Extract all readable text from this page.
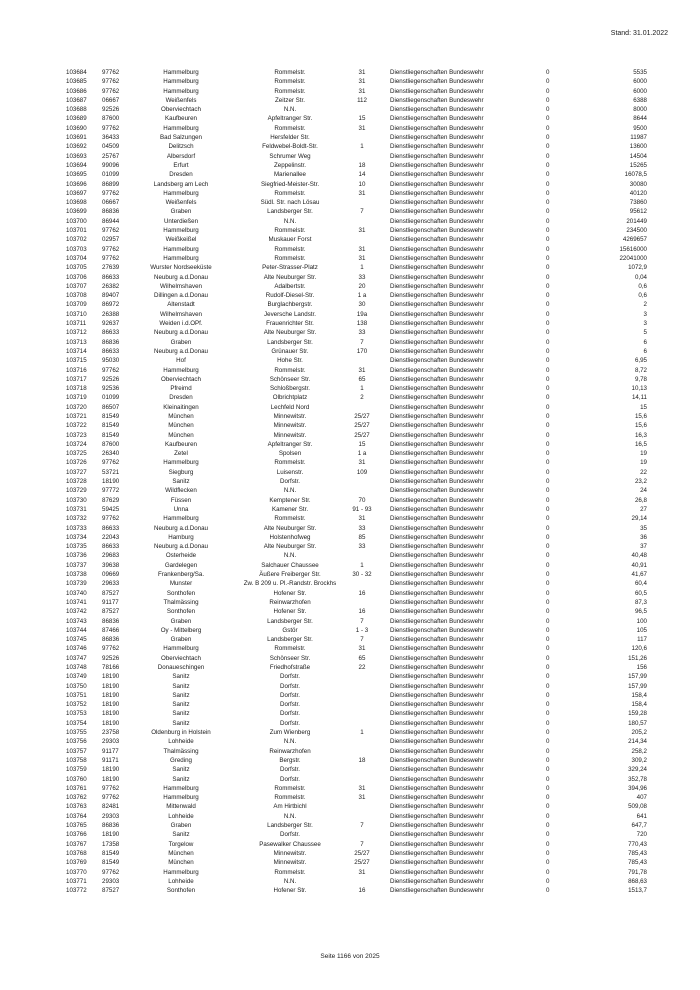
Stand: 31.01.2022
103684 97762	Hammelburg	Rommelstr.	31	Dienstliegenschaften Bundeswehr	0	5535
103685 97762	Hammelburg	Rommelstr.	31	Dienstliegenschaften Bundeswehr	0	6000
103686 97762	Hammelburg	Rommelstr.	31	Dienstliegenschaften Bundeswehr	0	6000
103687 06667	Weißenfels	Zeitzer Str.	112	Dienstliegenschaften Bundeswehr	0	6388
103688 92526	Oberviechtach	N.N.	Dienstliegenschaften Bundeswehr	0	8000
103689 87600	Kaufbeuren	Apfeltranger Str.	15	Dienstliegenschaften Bundeswehr	0	8644
103690 97762	Hammelburg	Rommelstr.	31	Dienstliegenschaften Bundeswehr	0	9500
103691 36433	Bad Salzungen	Hersfelder Str.	Dienstliegenschaften Bundeswehr	0	11987
103692 04509	Delitzsch	Feldwebel-Boldt-Str.	1	Dienstliegenschaften Bundeswehr	0	13600
103693 25767	Albersdorf	Schrumer Weg	Dienstliegenschaften Bundeswehr	0	14504
103694 99096	Erfurt	Zeppelinstr.	18	Dienstliegenschaften Bundeswehr	0	15265
103695 01099	Dresden	Marienallee	14	Dienstliegenschaften Bundeswehr	0	16078,5
103696 86899	Landsberg am Lech	Siegfried-Meister-Str.	10	Dienstliegenschaften Bundeswehr	0	30080
103697 97762	Hammelburg	Rommelstr.	31	Dienstliegenschaften Bundeswehr	0	40120
103698 06667	Weißenfels	Südl. Str. nach Lösau	Dienstliegenschaften Bundeswehr	0	73860
103699 86836	Graben	Landsberger Str.	7	Dienstliegenschaften Bundeswehr	0	95612
103700 86944	Unterdießen	N.N.	Dienstliegenschaften Bundeswehr	0	201449
103701 97762	Hammelburg	Rommelstr.	31	Dienstliegenschaften Bundeswehr	0	234500
103702 02957	Weißkeißel	Muskauer Forst	Dienstliegenschaften Bundeswehr	0	4269657
103703 97762	Hammelburg	Rommelstr.	31	Dienstliegenschaften Bundeswehr	0	15616000
103704 97762	Hammelburg	Rommelstr.	31	Dienstliegenschaften Bundeswehr	0	22041000
103705 27639	Wurster Nordseeküste	Peter-Strasser-Platz	1	Dienstliegenschaften Bundeswehr	0	1072,9
103706 86633	Neuburg a.d.Donau	Alte Neuburger Str.	33	Dienstliegenschaften Bundeswehr	0	0,04
103707 26382	Wilhelmshaven	Adalbertstr.	20	Dienstliegenschaften Bundeswehr	0	0,6
103708 89407	Dillingen a.d.Donau	Rudolf-Diesel-Str.	1 a	Dienstliegenschaften Bundeswehr	0	0,6
103709 86972	Altenstadt	Burglachbergstr.	30	Dienstliegenschaften Bundeswehr	0	2
103710 26388	Wilhelmshaven	Jeversche Landstr.	19a	Dienstliegenschaften Bundeswehr	0	3
103711	92637	Weiden i.d.OPf.	Frauenrichter Str.	138	Dienstliegenschaften Bundeswehr	0	3
103712 86633	Neuburg a.d.Donau	Alte Neuburger Str.	33	Dienstliegenschaften Bundeswehr	0	5
103713 86836	Graben	Landsberger Str.	7	Dienstliegenschaften Bundeswehr	0	6
103714 86633	Neuburg a.d.Donau	Grünauer Str.	170	Dienstliegenschaften Bundeswehr	0	6
103715 95030	Hof	Hohe Str.	Dienstliegenschaften Bundeswehr	0	6,95
103716 97762	Hammelburg	Rommelstr.	31	Dienstliegenschaften Bundeswehr	0	8,72
103717 92526	Oberviechtach	Schönseer Str.	65	Dienstliegenschaften Bundeswehr	0	9,78
103718 92536	Pfreimd	Schloßbergstr.	1	Dienstliegenschaften Bundeswehr	0	10,13
103719 01099	Dresden	Olbrichtplatz	2	Dienstliegenschaften Bundeswehr	0	14,11
103720 86507	Kleinaitingen	Lechfeld Nord	Dienstliegenschaften Bundeswehr	0	15
103721 81549	München	Minnewitstr.	25/27	Dienstliegenschaften Bundeswehr	0	15,6
103722 81549	München	Minnewitstr.	25/27	Dienstliegenschaften Bundeswehr	0	15,6
103723 81549	München	Minnewitstr.	25/27	Dienstliegenschaften Bundeswehr	0	16,3
103724 87600	Kaufbeuren	Apfeltranger Str.	15	Dienstliegenschaften Bundeswehr	0	16,5
103725 26340	Zetel	Spolsen	1 a	Dienstliegenschaften Bundeswehr	0	19
103726 97762	Hammelburg	Rommelstr.	31	Dienstliegenschaften Bundeswehr	0	19
103727 53721	Siegburg	Luisenstr.	109	Dienstliegenschaften Bundeswehr	0	22
103728 18190	Sanitz	Dorfstr.	Dienstliegenschaften Bundeswehr	0	23,2
103729 97772	Wildflecken	N.N.	Dienstliegenschaften Bundeswehr	0	24
103730 87629	Füssen	Kemptener Str.	70	Dienstliegenschaften Bundeswehr	0	26,8
103731 59425	Unna	Kamener Str.	91 - 93	Dienstliegenschaften Bundeswehr	0	27
103732 97762	Hammelburg	Rommelstr.	31	Dienstliegenschaften Bundeswehr	0	29,14
103733 86633	Neuburg a.d.Donau	Alte Neuburger Str.	33	Dienstliegenschaften Bundeswehr	0	35
103734 22043	Hamburg	Holstenhofweg	85	Dienstliegenschaften Bundeswehr	0	36
103735 86633	Neuburg a.d.Donau	Alte Neuburger Str.	33	Dienstliegenschaften Bundeswehr	0	37
103736 29683	Osterheide	N.N.	Dienstliegenschaften Bundeswehr	0	40,48
103737 39638	Gardelegen	Salchauer Chaussee	1	Dienstliegenschaften Bundeswehr	0	40,91
103738 09669	Frankenberg/Sa.	Äußere Freiberger Str.	30 - 32	Dienstliegenschaften Bundeswehr	0	41,67
103739 29633	Munster	Zw. B 209 u. Pl.-Randstr. Brockhs	Dienstliegenschaften Bundeswehr	0	60,4
103740 87527	Sonthofen	Hofener Str.	16	Dienstliegenschaften Bundeswehr	0	60,5
103741 91177	Thalmässing	Reinwarzhofen	Dienstliegenschaften Bundeswehr	0	87,3
103742 87527	Sonthofen	Hofener Str.	16	Dienstliegenschaften Bundeswehr	0	96,5
103743 86836	Graben	Landsberger Str.	7	Dienstliegenschaften Bundeswehr	0	100
103744 87466	Oy - Mittelberg	Gstör	1 - 3	Dienstliegenschaften Bundeswehr	0	105
103745 86836	Graben	Landsberger Str.	7	Dienstliegenschaften Bundeswehr	0	117
103746 97762	Hammelburg	Rommelstr.	31	Dienstliegenschaften Bundeswehr	0	120,6
103747 92526	Oberviechtach	Schönseer Str.	65	Dienstliegenschaften Bundeswehr	0	151,26
103748 78166	Donaueschingen	Friedhofstraße	22	Dienstliegenschaften Bundeswehr	0	156
103749 18190	Sanitz	Dorfstr.	Dienstliegenschaften Bundeswehr	0	157,99
103750 18190	Sanitz	Dorfstr.	Dienstliegenschaften Bundeswehr	0	157,99
103751 18190	Sanitz	Dorfstr.	Dienstliegenschaften Bundeswehr	0	158,4
103752 18190	Sanitz	Dorfstr.	Dienstliegenschaften Bundeswehr	0	158,4
103753 18190	Sanitz	Dorfstr.	Dienstliegenschaften Bundeswehr	0	159,28
103754 18190	Sanitz	Dorfstr.	Dienstliegenschaften Bundeswehr	0	180,57
103755 23758	Oldenburg in Holstein	Zum Wienberg	1	Dienstliegenschaften Bundeswehr	0	205,2
103756 29303	Lohheide	N.N.	Dienstliegenschaften Bundeswehr	0	214,34
103757 91177	Thalmässing	Reinwarzhofen	Dienstliegenschaften Bundeswehr	0	258,2
103758 91171	Greding	Bergstr.	18	Dienstliegenschaften Bundeswehr	0	309,2
103759 18190	Sanitz	Dorfstr.	Dienstliegenschaften Bundeswehr	0	329,24
103760 18190	Sanitz	Dorfstr.	Dienstliegenschaften Bundeswehr	0	352,78
103761 97762	Hammelburg	Rommelstr.	31	Dienstliegenschaften Bundeswehr	0	394,96
103762 97762	Hammelburg	Rommelstr.	31	Dienstliegenschaften Bundeswehr	0	407
103763 82481	Mittenwald	Am Hirtbichl	Dienstliegenschaften Bundeswehr	0	509,08
103764 29303	Lohheide	N.N.	Dienstliegenschaften Bundeswehr	0	641
103765 86836	Graben	Landsberger Str.	7	Dienstliegenschaften Bundeswehr	0	647,7
103766 18190	Sanitz	Dorfstr.	Dienstliegenschaften Bundeswehr	0	720
103767 17358	Torgelow	Pasewalker Chaussee	7	Dienstliegenschaften Bundeswehr	0	770,43
103768 81549	München	Minnewitstr.	25/27	Dienstliegenschaften Bundeswehr	0	785,43
103769 81549	München	Minnewitstr.	25/27	Dienstliegenschaften Bundeswehr	0	785,43
103770 97762	Hammelburg	Rommelstr.	31	Dienstliegenschaften Bundeswehr	0	791,78
103771 29303	Lohheide	N.N.	Dienstliegenschaften Bundeswehr	0	868,63
103772 87527	Sonthofen	Hofener Str.	16	Dienstliegenschaften Bundeswehr	0	1513,7
Seite 1166 von 2025
